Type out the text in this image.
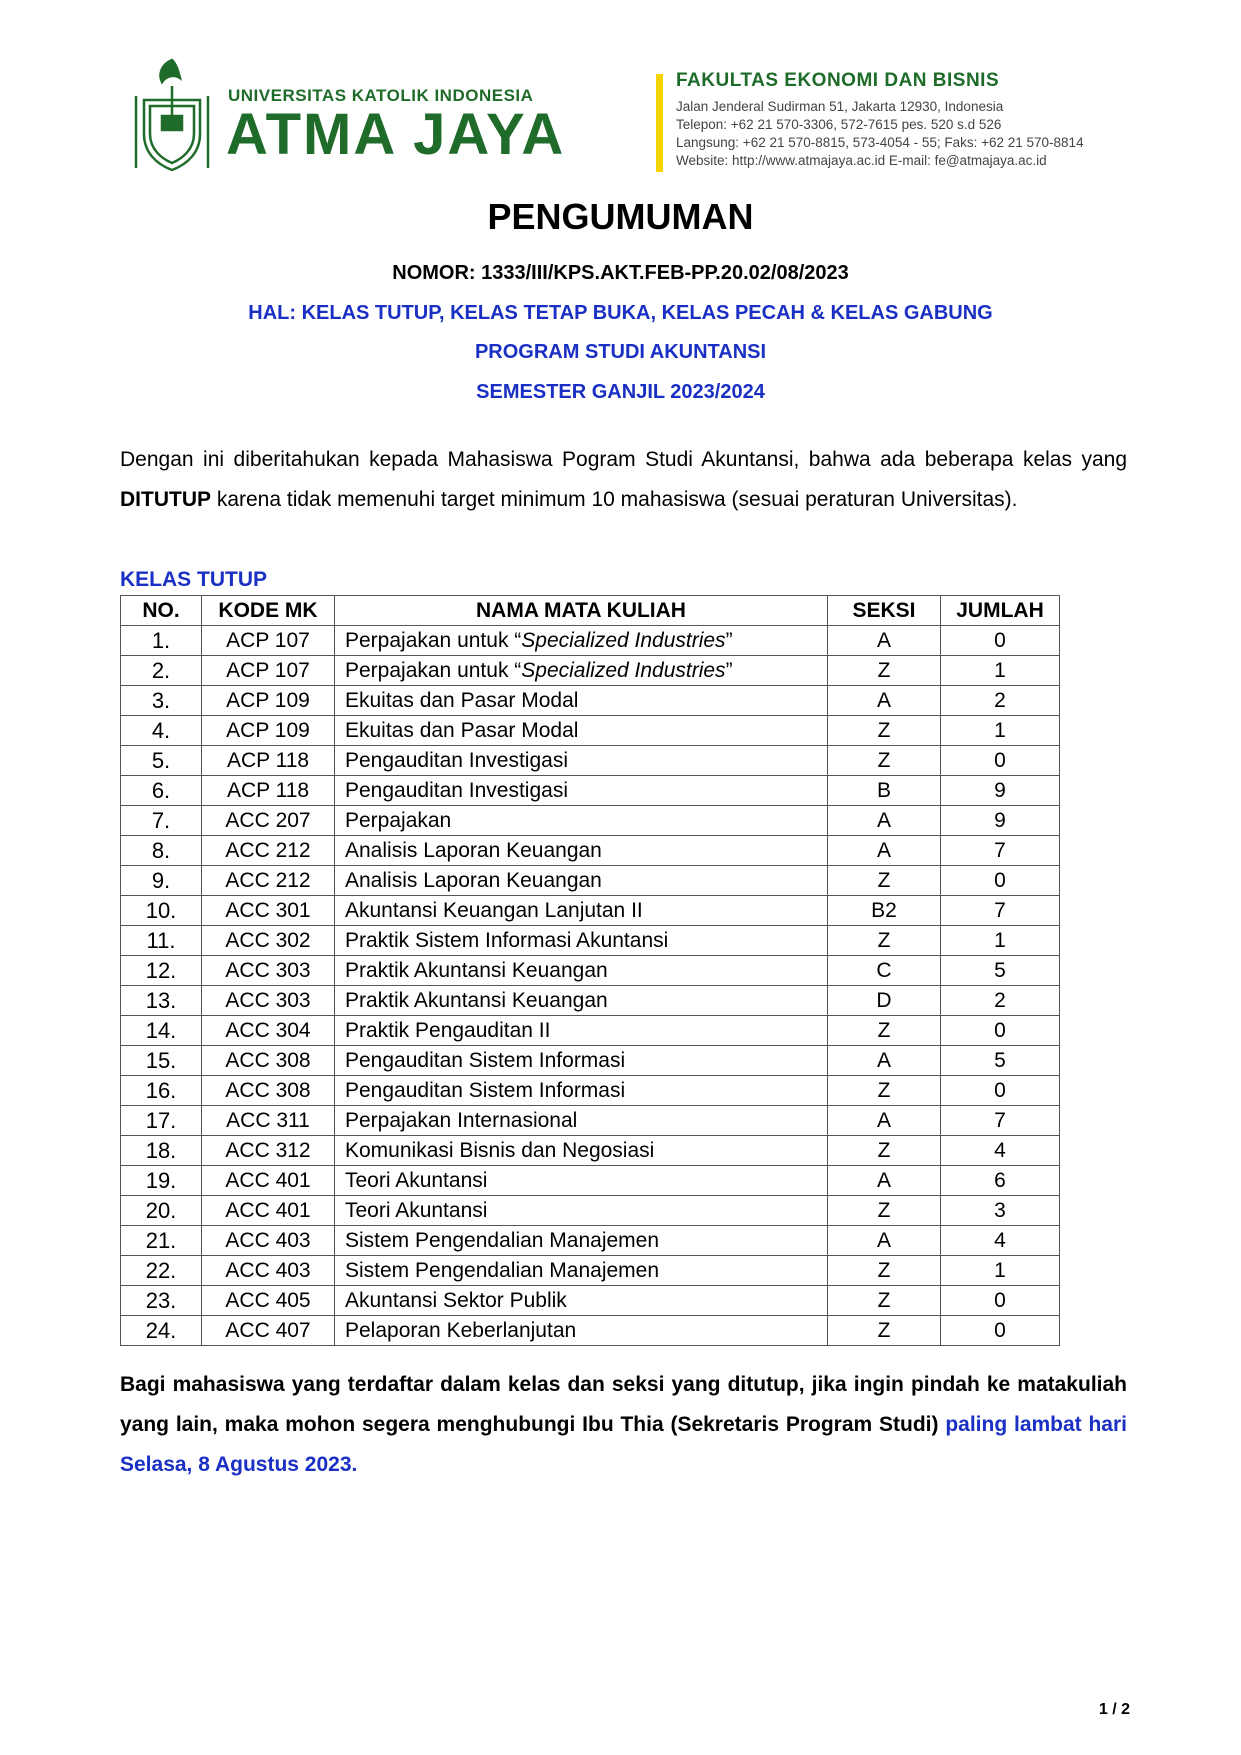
UNIVERSITAS KATOLIK INDONESIA
ATMA JAYA
FAKULTAS EKONOMI DAN BISNIS
Jalan Jenderal Sudirman 51, Jakarta 12930, Indonesia
Telepon: +62 21 570-3306, 572-7615 pes. 520 s.d 526
Langsung: +62 21 570-8815, 573-4054 - 55; Faks: +62 21 570-8814
Website: http://www.atmajaya.ac.id E-mail: fe@atmajaya.ac.id
PENGUMUMAN
NOMOR: 1333/III/KPS.AKT.FEB-PP.20.02/08/2023
HAL: KELAS TUTUP, KELAS TETAP BUKA, KELAS PECAH & KELAS GABUNG
PROGRAM STUDI AKUNTANSI
SEMESTER GANJIL 2023/2024
Dengan ini diberitahukan kepada Mahasiswa Pogram Studi Akuntansi, bahwa ada beberapa kelas yang DITUTUP karena tidak memenuhi target minimum 10 mahasiswa (sesuai peraturan Universitas).
KELAS TUTUP
NO.	KODE MK	NAMA MATA KULIAH	SEKSI	JUMLAH
1.	ACP 107	Perpajakan untuk “Specialized Industries”	A	0
2.	ACP 107	Perpajakan untuk “Specialized Industries”	Z	1
3.	ACP 109	Ekuitas dan Pasar Modal	A	2
4.	ACP 109	Ekuitas dan Pasar Modal	Z	1
5.	ACP 118	Pengauditan Investigasi	Z	0
6.	ACP 118	Pengauditan Investigasi	B	9
7.	ACC 207	Perpajakan	A	9
8.	ACC 212	Analisis Laporan Keuangan	A	7
9.	ACC 212	Analisis Laporan Keuangan	Z	0
10.	ACC 301	Akuntansi Keuangan Lanjutan II	B2	7
11.	ACC 302	Praktik Sistem Informasi Akuntansi	Z	1
12.	ACC 303	Praktik Akuntansi Keuangan	C	5
13.	ACC 303	Praktik Akuntansi Keuangan	D	2
14.	ACC 304	Praktik Pengauditan II	Z	0
15.	ACC 308	Pengauditan Sistem Informasi	A	5
16.	ACC 308	Pengauditan Sistem Informasi	Z	0
17.	ACC 311	Perpajakan Internasional	A	7
18.	ACC 312	Komunikasi Bisnis dan Negosiasi	Z	4
19.	ACC 401	Teori Akuntansi	A	6
20.	ACC 401	Teori Akuntansi	Z	3
21.	ACC 403	Sistem Pengendalian Manajemen	A	4
22.	ACC 403	Sistem Pengendalian Manajemen	Z	1
23.	ACC 405	Akuntansi Sektor Publik	Z	0
24.	ACC 407	Pelaporan Keberlanjutan	Z	0
Bagi mahasiswa yang terdaftar dalam kelas dan seksi yang ditutup, jika ingin pindah ke matakuliah yang lain, maka mohon segera menghubungi Ibu Thia (Sekretaris Program Studi) paling lambat hari Selasa, 8 Agustus 2023.
1 / 2
